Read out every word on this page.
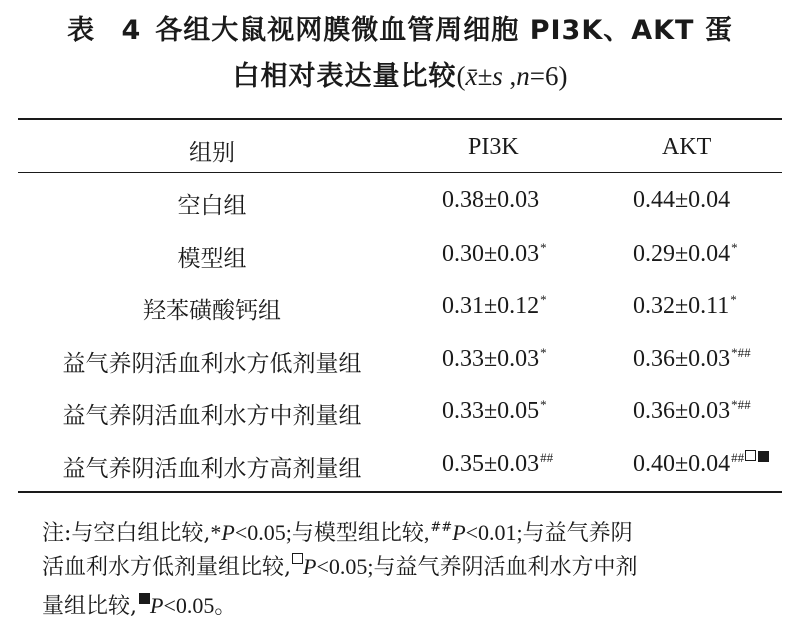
表 4 各组大鼠视网膜微血管周细胞 PI3K、AKT 蛋
白相对表达量比较(x̄±s ,n=6)
组别	PI3K	AKT
空白组	0.38±0.03	0.44±0.04
模型组	0.30±0.03*	0.29±0.04*
羟苯磺酸钙组	0.31±0.12*	0.32±0.11*
益气养阴活血利水方低剂量组	0.33±0.03*	0.36±0.03*##
益气养阴活血利水方中剂量组	0.33±0.05*	0.36±0.03*##
益气养阴活血利水方高剂量组	0.35±0.03##	0.40±0.04##
注:与空白组比较,*P<0.05;与模型组比较,##P<0.01;与益气养阴
活血利水方低剂量组比较, P<0.05;与益气养阴活血利水方中剂
量组比较, P<0.05。
